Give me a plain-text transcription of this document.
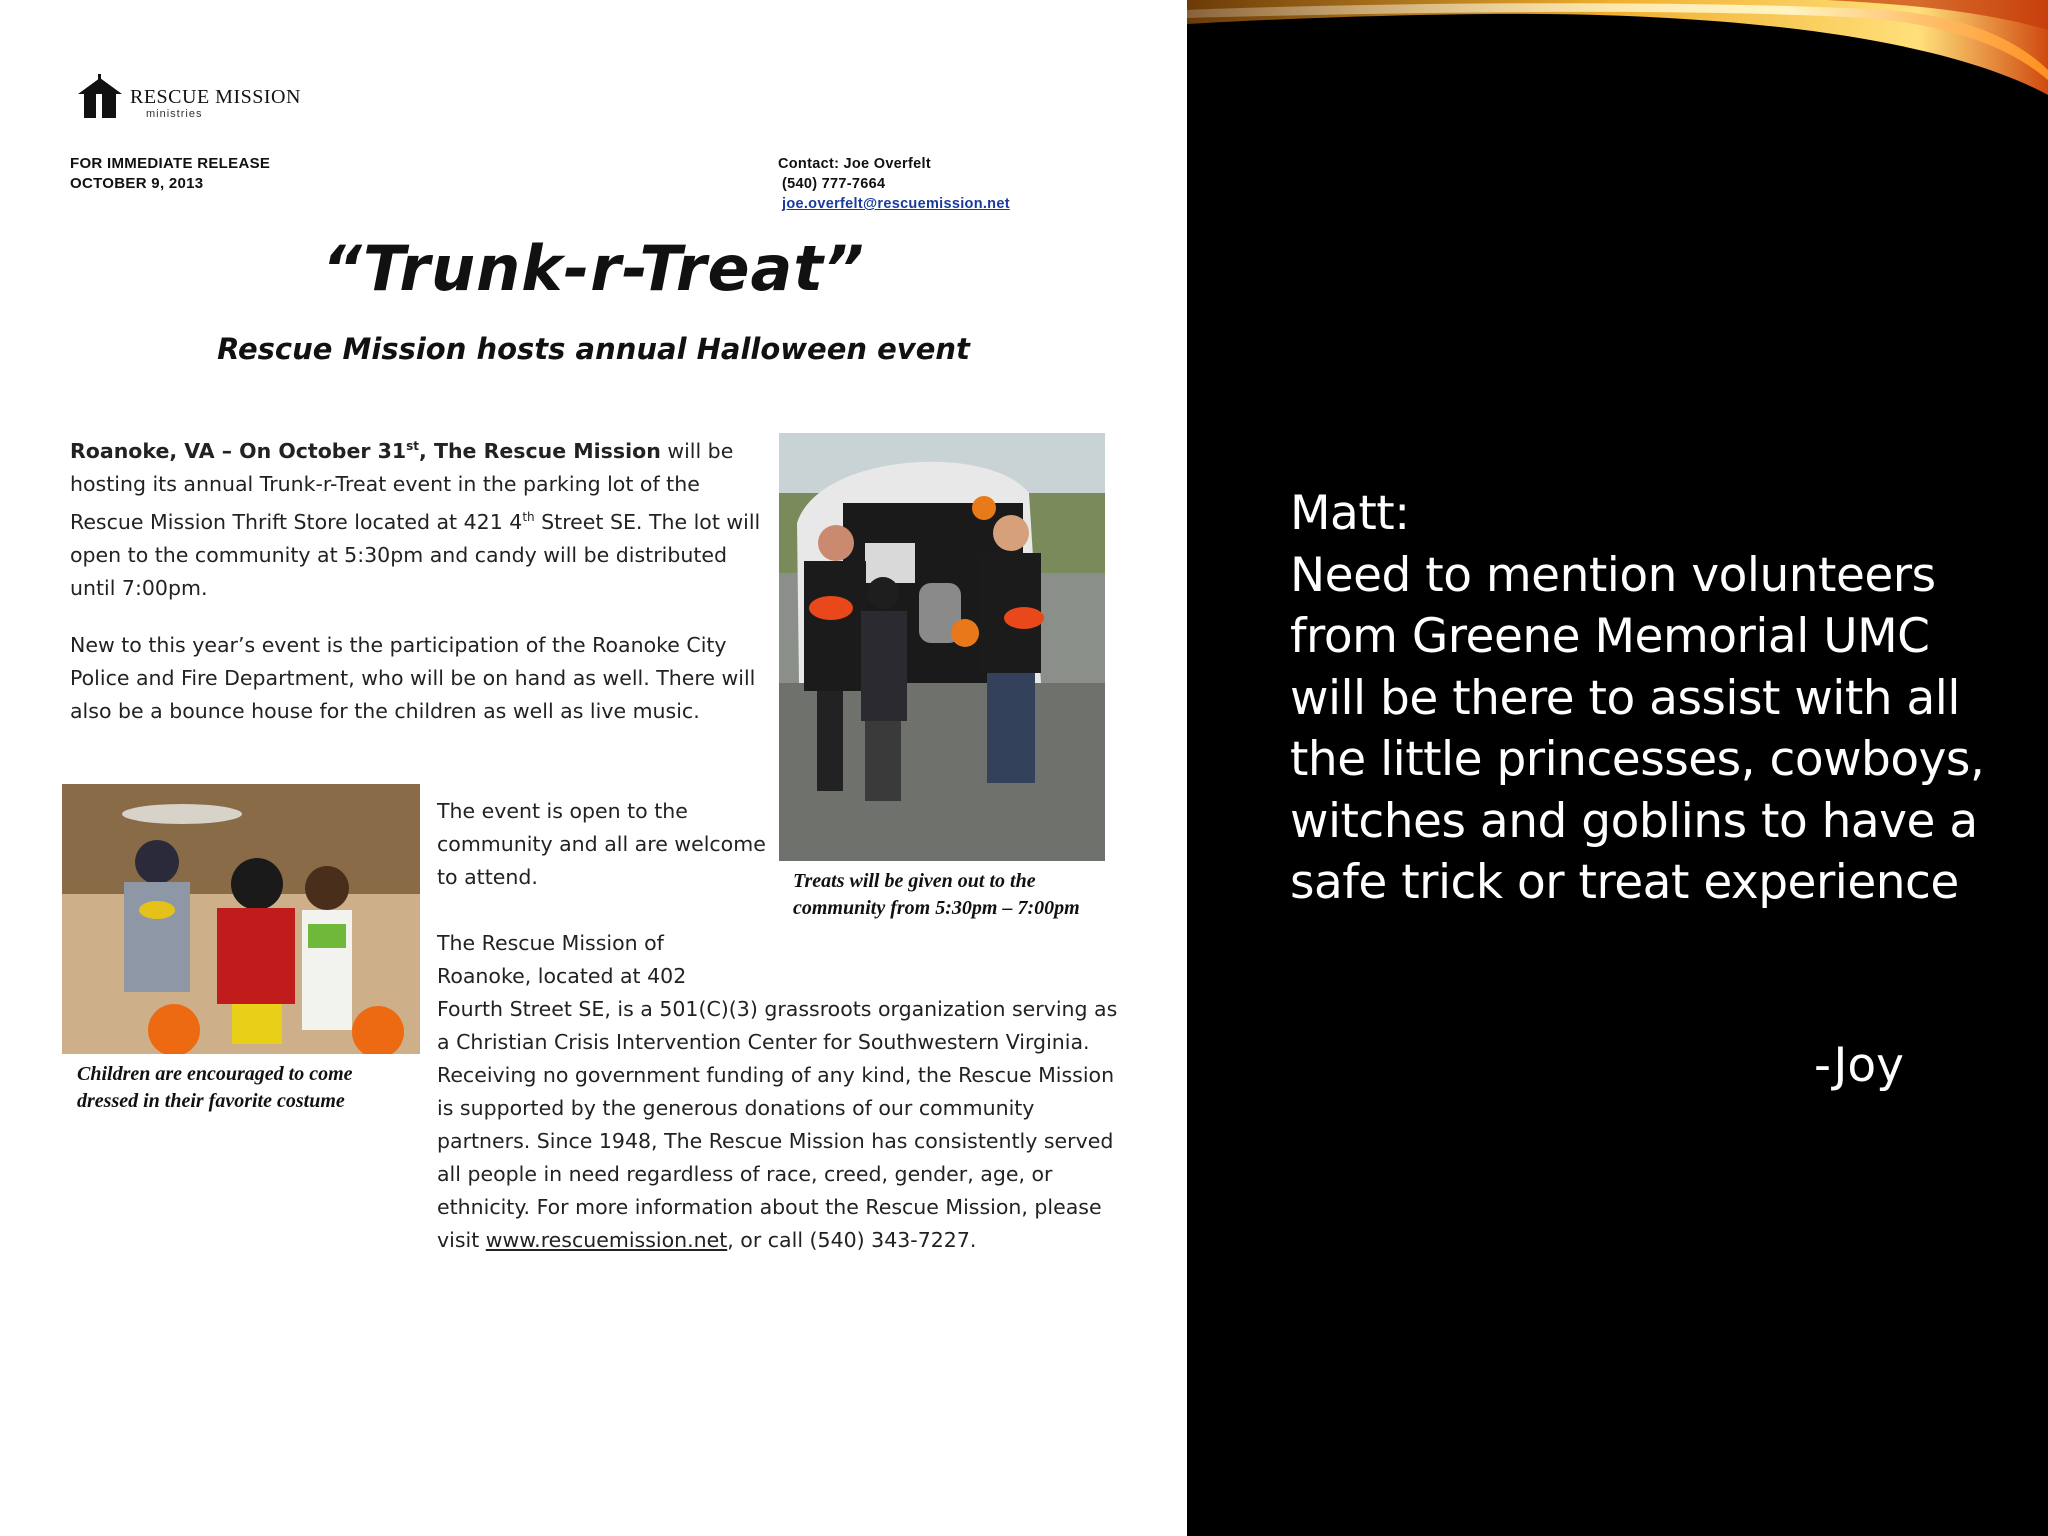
RESCUE MISSION
ministries

FOR IMMEDIATE RELEASE

OCTOBER 9, 2013

Contact: Joe Overfelt

(540) 777-7664

joe.overfelt@rescuemission.net

“Trunk-r-Treat”
Rescue Mission hosts annual Halloween event

Roanoke, VA – On October 31st, The Rescue Mission will be hosting its annual Trunk-r-Treat event in the parking lot of the Rescue Mission Thrift Store located at 421 4th Street SE. The lot will open to the community at 5:30pm and candy will be distributed until 7:00pm.

New to this year’s event is the participation of the Roanoke City Police and Fire Department, who will be on hand as well. There will also be a bounce house for the children as well as live music.

Treats will be given out to the community from 5:30pm – 7:00pm

Children are encouraged to come dressed in their favorite costume

The event is open to the community and all are welcome to attend.

The Rescue Mission of

Roanoke, located at 402

Fourth Street SE, is a 501(C)(3) grassroots organization serving as a Christian Crisis Intervention Center for Southwestern Virginia. Receiving no government funding of any kind, the Rescue Mission is supported by the generous donations of our community partners. Since 1948, The Rescue Mission has consistently served all people in need regardless of race, creed, gender, age, or ethnicity. For more information about the Rescue Mission, please visit www.rescuemission.net, or call (540) 343-7227.

Matt:

Need to mention volunteers from Greene Memorial UMC will be there to assist with all the little princesses, cowboys, witches and goblins to have a safe trick or treat experience

-Joy
